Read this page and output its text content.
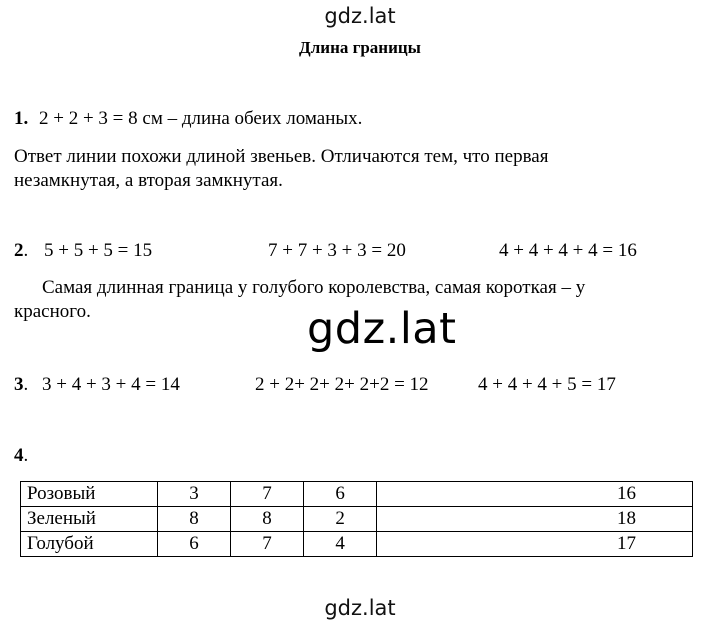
gdz.lat
Длина границы
1. 2 + 2 + 3 = 8 см – длина обеих ломаных.
Ответ линии похожи длиной звеньев. Отличаются тем, что первая
незамкнутая, а вторая замкнутая.
2. 5 + 5 + 5 = 15	7 + 7 + 3 + 3 = 20	4 + 4 + 4 + 4 = 16
Самая длинная граница у голубого королевства, самая короткая – у
красного.	gdz.lat
3. 3 + 4 + 3 + 4 = 14	2 + 2+ 2+ 2+ 2+2 = 12	4 + 4 + 4 + 5 = 17
4.
Розовый	3	7	6	16
Зеленый	8	8	2	18
Голубой	6	7	4	17
gdz.lat
